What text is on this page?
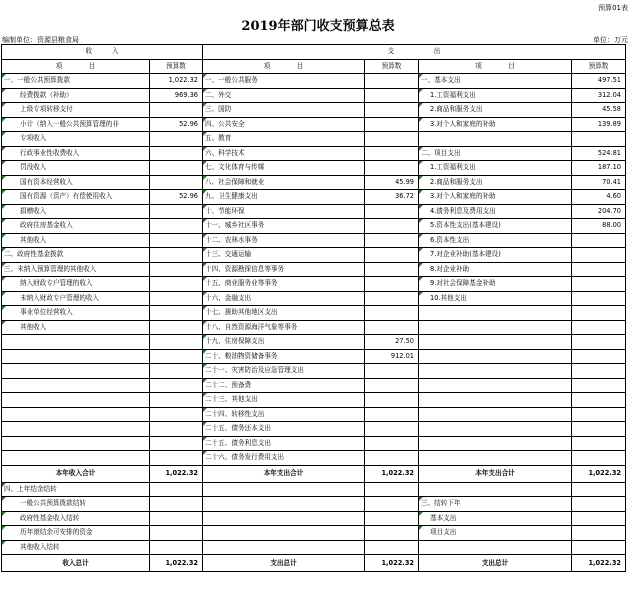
预算01表
2019年部门收支预算总表
编制单位：资源县粮食局	单位：万元
收　　　入		支　　　　　　出			
项　　　　目	预算数	项　　　　目	预算数	项　　　　目	预算数
一、一般公共预算拨款	1,022.32	一、一般公共服务		一、基本支出	497.51
经费拨款（补助）	969.36	二、外交		1.工资福利支出	312.04
上级专项转移支付		三、国防		2.商品和服务支出	45.58
小计（纳入一般公共预算管理的非	52.96	四、公共安全		3.对个人和家庭的补助	139.89
专项收入		五、教育

行政事业性收费收入		六、科学技术		二、项目支出	524.81
罚没收入		七、文化体育与传媒		1.工资福利支出	187.10
国有资本经营收入		八、社会保障和就业	45.99	2.商品和服务支出	70.41
国有资源（资产）有偿使用收入	52.96	九、卫生健康支出	36.72	3.对个人和家庭的补助	4.60
捐赠收入		十、节能环保		4.债务利息及费用支出	204.70
政府住房基金收入		十一、城乡社区事务		5.资本性支出(基本建设)	88.00
其他收入		十二、农林水事务		6.资本性支出

二、政府性基金拨款		十三、交通运输		7.对企业补助(基本建设)

三、未纳入预算管理的其他收入		十四、资源勘探信息等事务		8.对企业补助

纳入财政专户管理的收入		十五、商业服务业等事务		9.对社会保障基金补助

未纳入财政专户管理的收入		十六、金融支出		10.其他支出

事业单位经营收入		十七、援助其他地区支出

其他收入		十八、自然资源海洋气象等事务

		十九、住房保障支出	27.50		
		二十、粮油物资储备事务	912.01		
		二十一、灾害防治及应急管理支出

		二十二、预备费

		二十三、其他支出

		二十四、转移性支出

		二十五、债务还本支出

		二十五、债务利息支出

		二十六、债务发行费用支出

本年收入合计	1,022.32	本年支出合计	1,022.32	本年支出合计	1,022.32
四、上年结余结转

一般公共预算拨款结转				三、结转下年

政府性基金收入结转				基本支出

历年滚结余可安排的资金				项目支出

其他收入结转

收入总计	1,022.32	支出总计	1,022.32	支出总计	1,022.32
